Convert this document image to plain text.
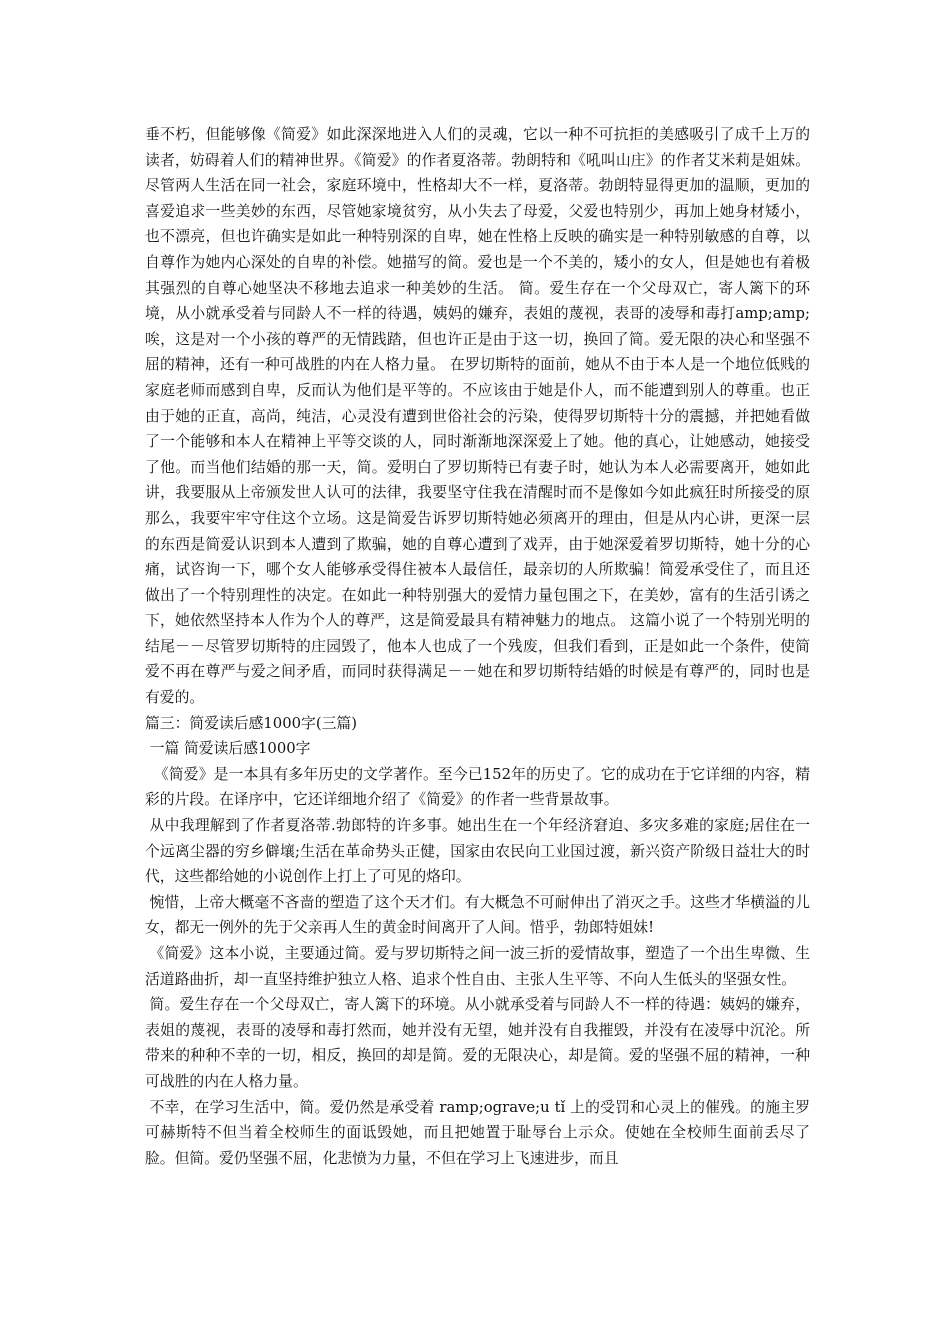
垂不朽，但能够像《简爱》如此深深地进入人们的灵魂，它以一种不可抗拒的美感吸引了成千上万的读者，妨碍着人们的精神世界。《简爱》的作者夏洛蒂。勃朗特和《吼叫山庄》的作者艾米莉是姐妹。尽管两人生活在同一社会，家庭环境中，性格却大不一样，夏洛蒂。勃朗特显得更加的温顺，更加的喜爱追求一些美妙的东西，尽管她家境贫穷，从小失去了母爱，父爱也特别少，再加上她身材矮小，也不漂亮，但也许确实是如此一种特别深的自卑，她在性格上反映的确实是一种特别敏感的自尊，以自尊作为她内心深处的自卑的补偿。她描写的简。爱也是一个不美的，矮小的女人，但是她也有着极其强烈的自尊心她坚决不移地去追求一种美妙的生活。 简。爱生存在一个父母双亡，寄人篱下的环境，从小就承受着与同龄人不一样的待遇，姨妈的嫌弃，表姐的蔑视，表哥的凌辱和毒打amp;amp;唉，这是对一个小孩的尊严的无情践踏，但也许正是由于这一切，换回了简。爱无限的决心和坚强不屈的精神，还有一种可战胜的内在人格力量。 在罗切斯特的面前，她从不由于本人是一个地位低贱的家庭老师而感到自卑，反而认为他们是平等的。不应该由于她是仆人，而不能遭到别人的尊重。也正由于她的正直，高尚，纯洁，心灵没有遭到世俗社会的污染，使得罗切斯特十分的震撼，并把她看做了一个能够和本人在精神上平等交谈的人，同时渐渐地深深爱上了她。他的真心，让她感动，她接受了他。而当他们结婚的那一天，简。爱明白了罗切斯特已有妻子时，她认为本人必需要离开，她如此讲，我要服从上帝颁发世人认可的法律，我要坚守住我在清醒时而不是像如今如此疯狂时所接受的原那么，我要牢牢守住这个立场。这是简爱告诉罗切斯特她必须离开的理由，但是从内心讲，更深一层的东西是简爱认识到本人遭到了欺骗，她的自尊心遭到了戏弄，由于她深爱着罗切斯特，她十分的心痛，试咨询一下，哪个女人能够承受得住被本人最信任，最亲切的人所欺骗！简爱承受住了，而且还做出了一个特别理性的决定。在如此一种特别强大的爱情力量包围之下，在美妙，富有的生活引诱之下，她依然坚持本人作为个人的尊严，这是简爱最具有精神魅力的地点。 这篇小说了一个特别光明的结尾－－尽管罗切斯特的庄园毁了，他本人也成了一个残废，但我们看到，正是如此一个条件，使简爱不再在尊严与爱之间矛盾，而同时获得满足－－她在和罗切斯特结婚的时候是有尊严的，同时也是有爱的。

篇三：简爱读后感1000字(三篇)

一篇 简爱读后感1000字

《简爱》是一本具有多年历史的文学著作。至今已152年的历史了。它的成功在于它详细的内容，精彩的片段。在译序中，它还详细地介绍了《简爱》的作者一些背景故事。

从中我理解到了作者夏洛蒂.勃郎特的许多事。她出生在一个年经济窘迫、多灾多难的家庭;居住在一个远离尘器的穷乡僻壤;生活在革命势头正健，国家由农民向工业国过渡，新兴资产阶级日益壮大的时代，这些都给她的小说创作上打上了可见的烙印。

惋惜，上帝大概毫不吝啬的塑造了这个天才们。有大概急不可耐伸出了消灭之手。这些才华横溢的儿女，都无一例外的先于父亲再人生的黄金时间离开了人间。惜乎，勃郎特姐妹!

《简爱》这本小说，主要通过简。爱与罗切斯特之间一波三折的爱情故事，塑造了一个出生卑微、生活道路曲折，却一直坚持维护独立人格、追求个性自由、主张人生平等、不向人生低头的坚强女性。

简。爱生存在一个父母双亡，寄人篱下的环境。从小就承受着与同龄人不一样的待遇：姨妈的嫌弃，表姐的蔑视，表哥的凌辱和毒打然而，她并没有无望，她并没有自我摧毁，并没有在凌辱中沉沦。所带来的种种不幸的一切，相反，换回的却是简。爱的无限决心，却是简。爱的坚强不屈的精神，一种可战胜的内在人格力量。

不幸，在学习生活中，简。爱仍然是承受着 ramp;ograve;u tǐ 上的受罚和心灵上的催残。的施主罗可赫斯特不但当着全校师生的面诋毁她，而且把她置于耻辱台上示众。使她在全校师生面前丢尽了脸。但简。爱仍坚强不屈，化悲愤为力量，不但在学习上飞速进步，而且
